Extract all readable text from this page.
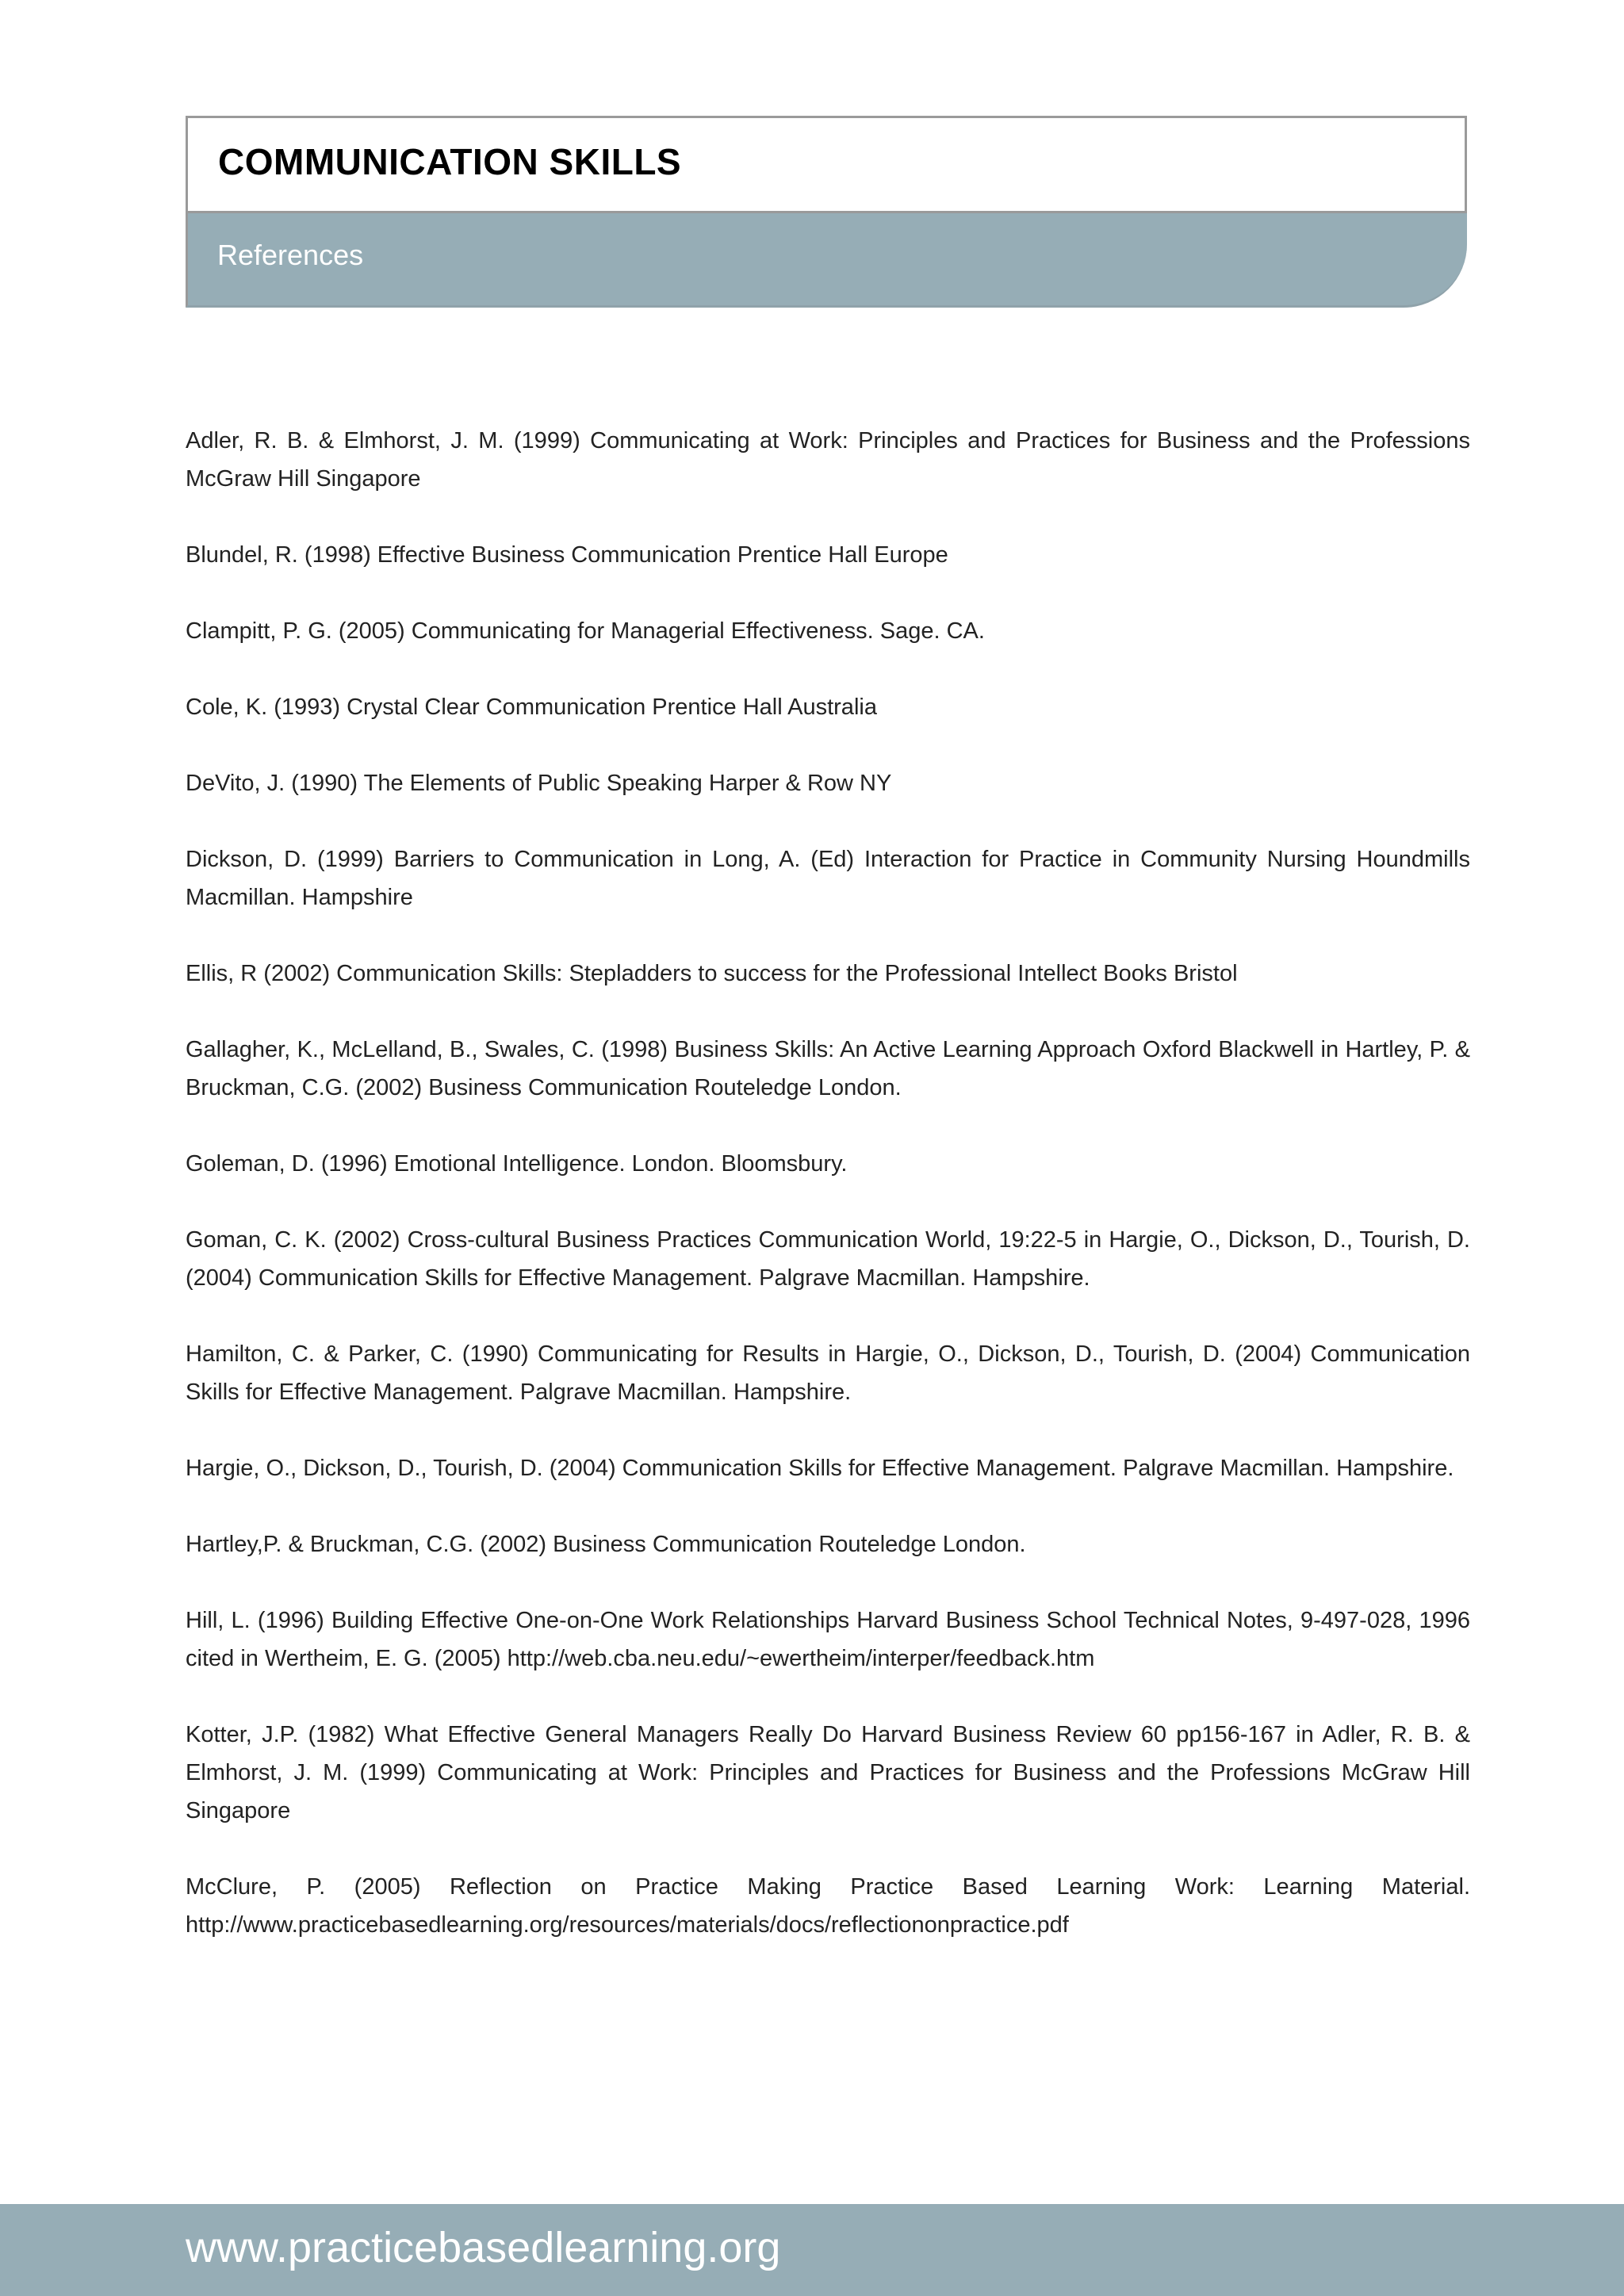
COMMUNICATION SKILLS
References
Adler, R. B. & Elmhorst, J. M. (1999) Communicating at Work: Principles and Practices for Business and the Professions McGraw Hill Singapore
Blundel, R. (1998) Effective Business Communication Prentice Hall Europe
Clampitt, P. G. (2005) Communicating for Managerial Effectiveness. Sage. CA.
Cole, K. (1993) Crystal Clear Communication Prentice Hall Australia
DeVito, J. (1990) The Elements of Public Speaking Harper & Row NY
Dickson, D. (1999) Barriers to Communication in Long, A. (Ed) Interaction for Practice in Community Nursing Houndmills Macmillan. Hampshire
Ellis, R (2002) Communication Skills: Stepladders to success for the Professional Intellect Books Bristol
Gallagher, K., McLelland, B., Swales, C. (1998) Business Skills: An Active Learning Approach Oxford Blackwell in Hartley, P. & Bruckman, C.G. (2002) Business Communication Routeledge London.
Goleman, D. (1996) Emotional Intelligence. London. Bloomsbury.
Goman, C. K. (2002) Cross-cultural Business Practices Communication World, 19:22-5 in Hargie, O., Dickson, D., Tourish, D. (2004) Communication Skills for Effective Management. Palgrave Macmillan. Hampshire.
Hamilton, C. & Parker, C. (1990) Communicating for Results in Hargie, O., Dickson, D., Tourish, D. (2004) Communication Skills for Effective Management. Palgrave Macmillan. Hampshire.
Hargie, O., Dickson, D., Tourish, D. (2004) Communication Skills for Effective Management. Palgrave Macmillan. Hampshire.
Hartley,P. & Bruckman, C.G. (2002) Business Communication Routeledge London.
Hill, L. (1996) Building Effective One-on-One Work Relationships Harvard Business School Technical Notes, 9-497-028, 1996 cited in Wertheim, E. G. (2005) http://web.cba.neu.edu/~ewertheim/interper/feedback.htm
Kotter, J.P. (1982) What Effective General Managers Really Do Harvard Business Review 60 pp156-167 in Adler, R. B. & Elmhorst, J. M. (1999) Communicating at Work: Principles and Practices for Business and the Professions McGraw Hill Singapore
McClure, P. (2005) Reflection on Practice Making Practice Based Learning Work: Learning Material. http://www.practicebasedlearning.org/resources/materials/docs/reflectiononpractice.pdf
www.practicebasedlearning.org
